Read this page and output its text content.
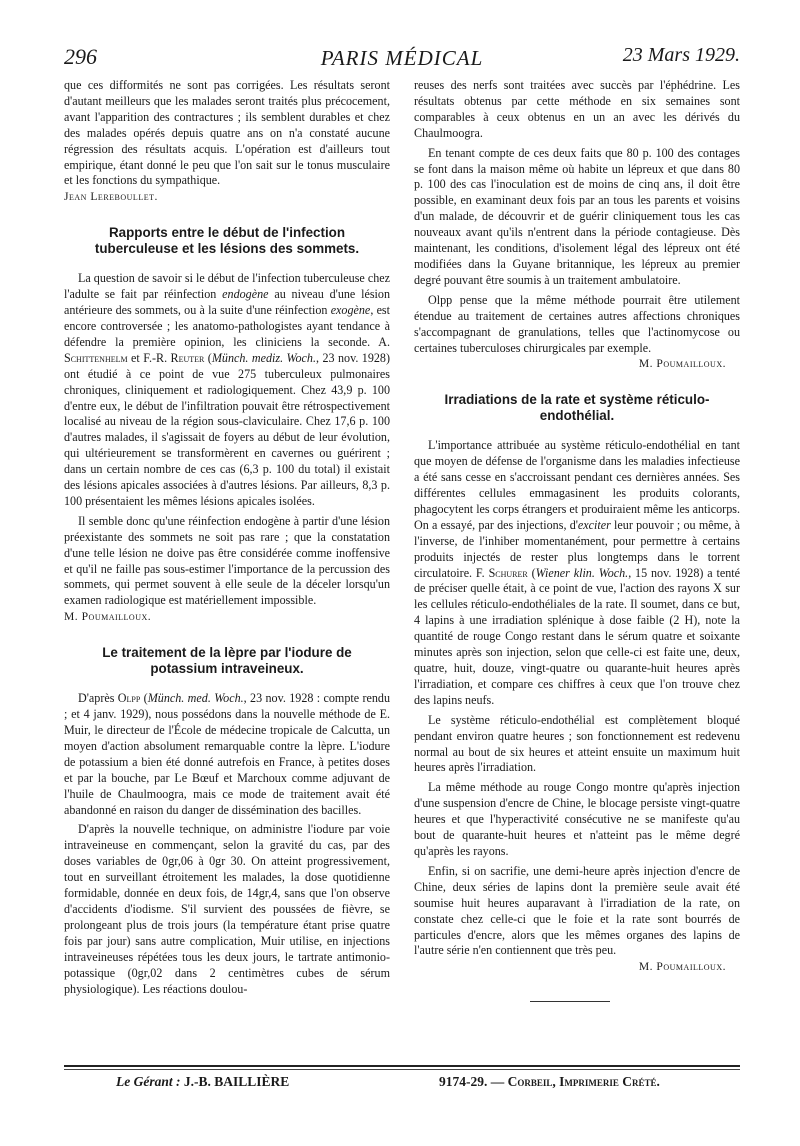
296	PARIS MÉDICAL	23 Mars 1929.

que ces difformités ne sont pas corrigées. Les résultats seront d'autant meilleurs que les malades seront traités plus précocement, avant l'apparition des contractures ; ils semblent durables et chez des malades opérés depuis quatre ans on n'a constaté aucune régression des résultats acquis. L'opération est d'ailleurs tout empirique, étant donné le peu que l'on sait sur le tonus musculaire et les fonctions du sympathique.

Jean Lereboullet.

Rapports entre le début de l'infection tuberculeuse et les lésions des sommets.

La question de savoir si le début de l'infection tuberculeuse chez l'adulte se fait par réinfection endogène au niveau d'une lésion antérieure des sommets, ou à la suite d'une réinfection exogène, est encore controversée ; les anatomo-pathologistes ayant tendance à défendre la première opinion, les cliniciens la seconde. A. Schittenhelm et F.-R. Reuter (Münch. mediz. Woch., 23 nov. 1928) ont étudié à ce point de vue 275 tuberculeux pulmonaires chroniques, cliniquement et radiologiquement. Chez 43,9 p. 100 d'entre eux, le début de l'infiltration pouvait être rétrospectivement localisé au niveau de la région sous-claviculaire. Chez 17,6 p. 100 d'autres malades, il s'agissait de foyers au début de leur évolution, qui ultérieurement se transformèrent en cavernes ou guérirent ; dans un certain nombre de ces cas (6,3 p. 100 du total) il existait des lésions apicales associées à d'autres lésions. Par ailleurs, 8,3 p. 100 présentaient les mêmes lésions apicales isolées.

Il semble donc qu'une réinfection endogène à partir d'une lésion préexistante des sommets ne soit pas rare ; que la constatation d'une telle lésion ne doive pas être considérée comme inoffensive et qu'il ne faille pas sous-estimer l'importance de la percussion des sommets, qui permet souvent à elle seule de la déceler lorsqu'un examen radiologique est matériellement impossible.

M. Poumailloux.

Le traitement de la lèpre par l'iodure de potassium intraveineux.

D'après Olpp (Münch. med. Woch., 23 nov. 1928 : compte rendu ; et 4 janv. 1929), nous possédons dans la nouvelle méthode de E. Muir, le directeur de l'École de médecine tropicale de Calcutta, un moyen d'action absolument remarquable contre la lèpre. L'iodure de potassium a bien été donné autrefois en France, à petites doses et par la bouche, par Le Bœuf et Marchoux comme adjuvant de l'huile de Chaulmoogra, mais ce mode de traitement avait été abandonné en raison du danger de dissémination des bacilles.

D'après la nouvelle technique, on administre l'iodure par voie intraveineuse en commençant, selon la gravité du cas, par des doses variables de 0gr,06 à 0gr 30. On atteint progressivement, tout en surveillant étroitement les malades, la dose quotidienne formidable, donnée en deux fois, de 14gr,4, sans que l'on observe d'accidents d'iodisme. S'il survient des poussées de fièvre, se prolongeant plus de trois jours (la température étant prise quatre fois par jour) sans autre complication, Muir utilise, en injections intraveineuses répétées tous les deux jours, le tartrate antimonio-potassique (0gr,02 dans 2 centimètres cubes de sérum physiologique). Les réactions doulou-

reuses des nerfs sont traitées avec succès par l'éphédrine. Les résultats obtenus par cette méthode en six semaines sont comparables à ceux obtenus en un an avec les dérivés du Chaulmoogra.

En tenant compte de ces deux faits que 80 p. 100 des contages se font dans la maison même où habite un lépreux et que dans 80 p. 100 des cas l'inoculation est de moins de cinq ans, il doit être possible, en examinant deux fois par an tous les parents et voisins d'un malade, de découvrir et de guérir cliniquement tous les cas nouveaux avant qu'ils n'entrent dans la période contagieuse. Dès maintenant, les conditions, d'isolement légal des lépreux ont été modifiées dans la Guyane britannique, les lépreux au premier degré pouvant être soumis à un traitement ambulatoire.

Olpp pense que la même méthode pourrait être utilement étendue au traitement de certaines autres affections chroniques s'accompagnant de granulations, telles que l'actinomycose ou certaines tuberculoses chirurgicales par exemple.

M. Poumailloux.

Irradiations de la rate et système réticulo-endothélial.

L'importance attribuée au système réticulo-endothélial en tant que moyen de défense de l'organisme dans les maladies infectieuse a été sans cesse en s'accroissant pendant ces dernières années. Ses différentes cellules emmagasinent les produits colorants, phagocytent les corps étrangers et produiraient même les anticorps. On a essayé, par des injections, d'exciter leur pouvoir ; ou même, à l'inverse, de l'inhiber momentanément, pour permettre à certains produits injectés de rester plus longtemps dans le torrent circulatoire. F. Schurer (Wiener klin. Woch., 15 nov. 1928) a tenté de préciser quelle était, à ce point de vue, l'action des rayons X sur les cellules réticulo-endothéliales de la rate. Il soumet, dans ce but, 4 lapins à une irradiation splénique à dose faible (2 H), note la quantité de rouge Congo restant dans le sérum quatre et soixante minutes après son injection, selon que celle-ci est faite une, deux, quatre, huit, douze, vingt-quatre ou quarante-huit heures après l'irradiation, et compare ces chiffres à ceux que l'on trouve chez des lapins neufs.

Le système réticulo-endothélial est complètement bloqué pendant environ quatre heures ; son fonctionnement est redevenu normal au bout de six heures et atteint ensuite un maximum huit heures après l'irradiation.

La même méthode au rouge Congo montre qu'après injection d'une suspension d'encre de Chine, le blocage persiste vingt-quatre heures et que l'hyperactivité consécutive ne se manifeste qu'au bout de quarante-huit heures et n'atteint pas le même degré qu'après les rayons.

Enfin, si on sacrifie, une demi-heure après injection d'encre de Chine, deux séries de lapins dont la première seule avait été soumise huit heures auparavant à l'irradiation de la rate, on constate chez celle-ci que le foie et la rate sont bourrés de particules d'encre, alors que les mêmes organes des lapins de l'autre série n'en contiennent que très peu.

M. Poumailloux.

Le Gérant : J.-B. BAILLIÈRE	9174-29. — Corbeil, Imprimerie Crété.
